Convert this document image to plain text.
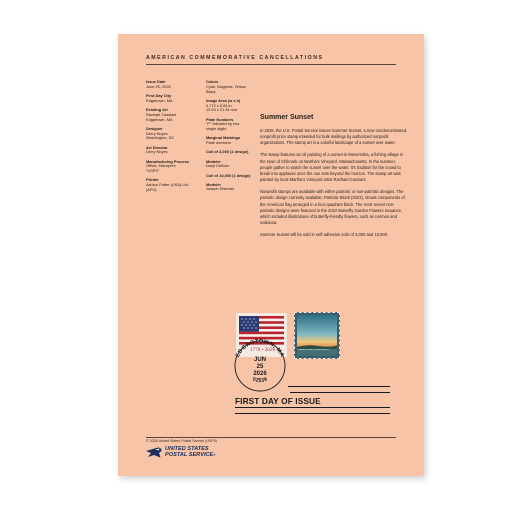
AMERICAN COMMEMORATIVE CANCELLATIONS
Issue Date
June 25, 2026
First Day City
Edgartown, MA
Existing Art
Rachael Cassiani
Edgartown, MA
Designer
Derry Noyes
Washington, DC
Art Director
Derry Noyes
Manufacturing Process
Offset, Microprint
"USPS"
Printer
Ashton Potter (USA) Ltd.
(APU)
Colors
Cyan, Magenta, Yellow,
Black
Image Area (w x h)
0.772 x 0.84 in.
19.54 x 21.34 mm
Plate Numbers
"P" followed by four
single digits
Marginal Markings
Plate numbers
Coil of 3,000 (1 design)
Modeler
Daryl DeBoer
Coil of 10,000 (1 design)
Modeler
Joseph Sheeran
Summer Sunset

In 2026, the U.S. Postal Service issues Summer Sunset, a new nondenominated, nonprofit price stamp intended for bulk mailings by authorized nonprofit organizations. The stamp art is a colorful landscape of a sunset over water.

The stamp features an oil painting of a sunset in Menemsha, a fishing village in the town of Chilmark on Martha's Vineyard, Massachusetts. In the summer, people gather to watch the sunset over the water. It's tradition for the crowd to break into applause once the sun sets beyond the horizon. The stamp art was painted by local Martha's Vineyard artist Rachael Cassiani.

Nonprofit stamps are available with either patriotic or non-patriotic designs. The patriotic design currently available, Patriotic Block (2023), shows components of the American flag arranged in a four-quadrant block. The most recent non-patriotic designs were featured in the 2022 Butterfly Garden Flowers issuance, which included illustrations of butterfly-friendly flowers, such as cosmos and scabiosa.

Summer Sunset will be sold in self-adhesive coils of 3,000 and 10,000.

1776 • 2026	SUMMER SUNSET USA NONPROFIT
EDGARTOWN, MA
JUN
25
2026
02539
FIRST DAY OF ISSUE
© 2026 United States Postal Service (USPS)
UNITED STATES
POSTAL SERVICE®
